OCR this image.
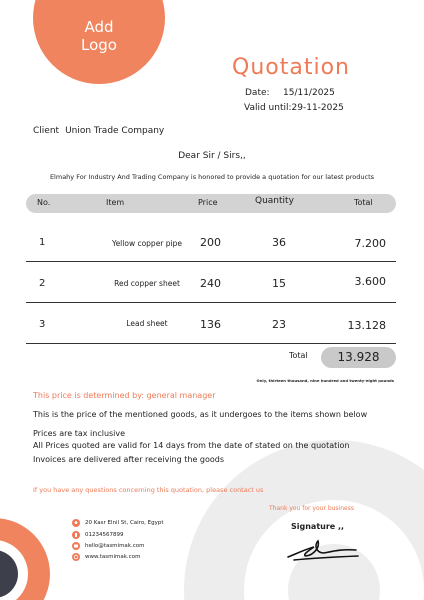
Add
Logo
Quotation
Date: 15/11/2025
Valid until:29-11-2025
Client Union Trade Company
Dear Sir / Sirs,,
Elmahy For Industry And Trading Company is honored to provide a quotation for our latest products
No.	Item	Price	Quantity	Total
1	Yellow copper pipe	200	36	7.200
2	Red copper sheet	240	15	3.600
3	Lead sheet	136	23	13.128
Total	13.928
Only, thirteen thousand, nine hundred and twenty-eight pounds
This price is determined by: general manager
This is the price of the mentioned goods, as it undergoes to the items shown below
Prices are tax inclusive
All Prices quoted are valid for 14 days from the date of stated on the quotation
Invoices are delivered after receiving the goods
If you have any questions concerning this quotation, please contact us
Thank you for your business
Signature ,,
20 Kasr Elnil St, Cairo, Egypt
01234567899
hello@tasmimak.com
www.tasmimak.com
